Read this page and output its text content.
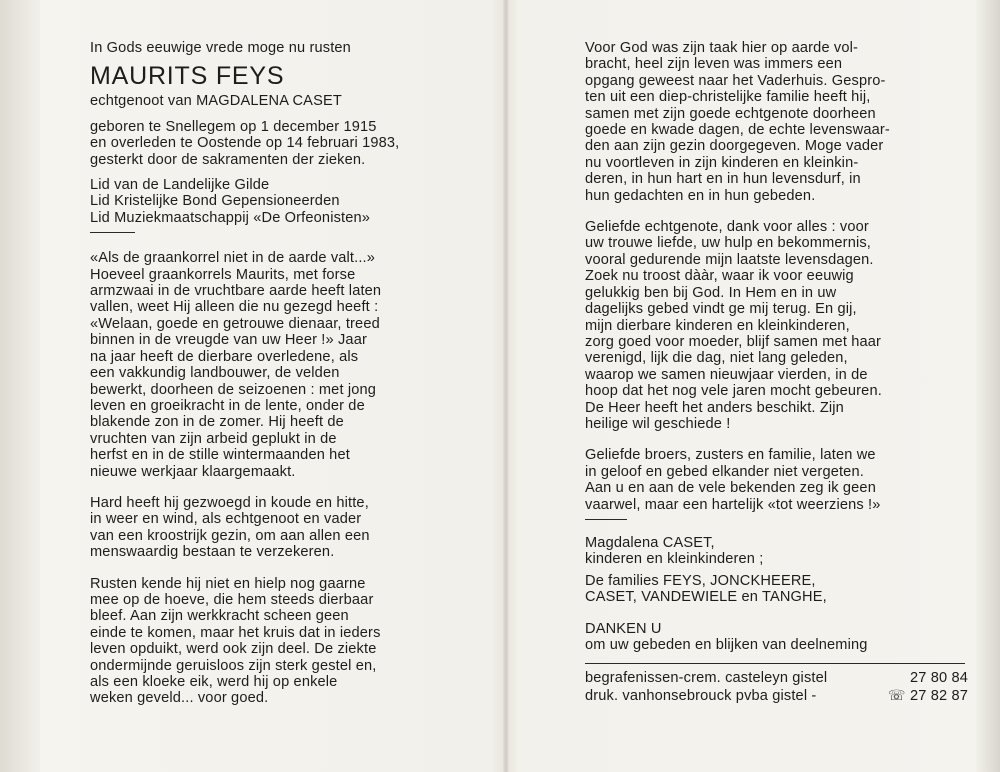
In Gods eeuwige vrede moge nu rusten
MAURITS FEYS
echtgenoot van MAGDALENA CASET
geboren te Snellegem op 1 december 1915
en overleden te Oostende op 14 februari 1983,
gesterkt door de sakramenten der zieken.
Lid van de Landelijke Gilde
Lid Kristelijke Bond Gepensioneerden
Lid Muziekmaatschappij «De Orfeonisten»
«Als de graankorrel niet in de aarde valt...»
Hoeveel graankorrels Maurits, met forse
armzwaai in de vruchtbare aarde heeft laten
vallen, weet Hij alleen die nu gezegd heeft :
«Welaan, goede en getrouwe dienaar, treed
binnen in de vreugde van uw Heer !» Jaar
na jaar heeft de dierbare overledene, als
een vakkundig landbouwer, de velden
bewerkt, doorheen de seizoenen : met jong
leven en groeikracht in de lente, onder de
blakende zon in de zomer. Hij heeft de
vruchten van zijn arbeid geplukt in de
herfst en in de stille wintermaanden het
nieuwe werkjaar klaargemaakt.
Hard heeft hij gezwoegd in koude en hitte,
in weer en wind, als echtgenoot en vader
van een kroostrijk gezin, om aan allen een
menswaardig bestaan te verzekeren.
Rusten kende hij niet en hielp nog gaarne
mee op de hoeve, die hem steeds dierbaar
bleef. Aan zijn werkkracht scheen geen
einde te komen, maar het kruis dat in ieders
leven opduikt, werd ook zijn deel. De ziekte
ondermijnde geruisloos zijn sterk gestel en,
als een kloeke eik, werd hij op enkele
weken geveld... voor goed.
Voor God was zijn taak hier op aarde vol-
bracht, heel zijn leven was immers een
opgang geweest naar het Vaderhuis. Gespro-
ten uit een diep-christelijke familie heeft hij,
samen met zijn goede echtgenote doorheen
goede en kwade dagen, de echte levenswaar-
den aan zijn gezin doorgegeven. Moge vader
nu voortleven in zijn kinderen en kleinkin-
deren, in hun hart en in hun levensdurf, in
hun gedachten en in hun gebeden.
Geliefde echtgenote, dank voor alles : voor
uw trouwe liefde, uw hulp en bekommernis,
vooral gedurende mijn laatste levensdagen.
Zoek nu troost dààr, waar ik voor eeuwig
gelukkig ben bij God. In Hem en in uw
dagelijks gebed vindt ge mij terug. En gij,
mijn dierbare kinderen en kleinkinderen,
zorg goed voor moeder, blijf samen met haar
verenigd, lijk die dag, niet lang geleden,
waarop we samen nieuwjaar vierden, in de
hoop dat het nog vele jaren mocht gebeuren.
De Heer heeft het anders beschikt. Zijn
heilige wil geschiede !
Geliefde broers, zusters en familie, laten we
in geloof en gebed elkander niet vergeten.
Aan u en aan de vele bekenden zeg ik geen
vaarwel, maar een hartelijk «tot weerziens !»
Magdalena CASET,
kinderen en kleinkinderen ;
De families FEYS, JONCKHEERE,
CASET, VANDEWIELE en TANGHE,
DANKEN U
om uw gebeden en blijken van deelneming
begrafenissen-crem. casteleyn gistel	27 80 84
druk. vanhonsebrouck pvba gistel -	☏ 27 82 87
